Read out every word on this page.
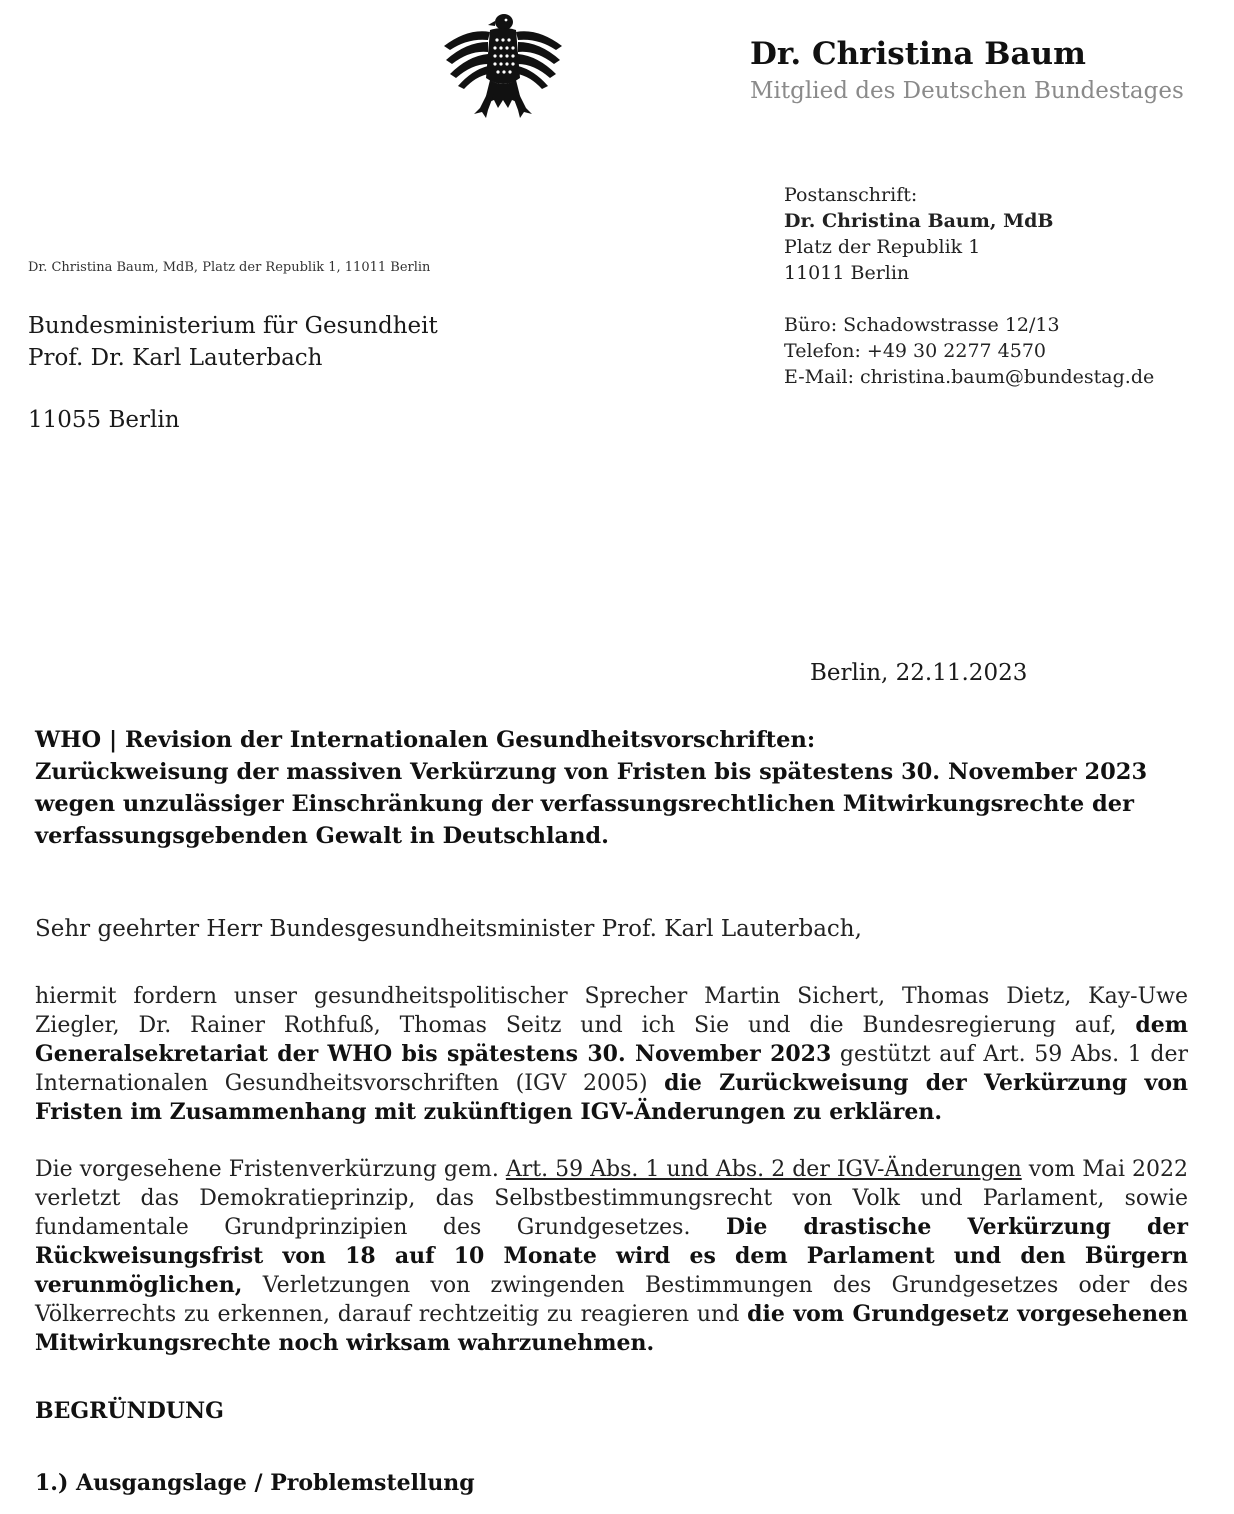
Dr. Christina Baum
Mitglied des Deutschen Bundestages
Postanschrift:
Dr. Christina Baum, MdB
Platz der Republik 1
11011 Berlin
Büro: Schadowstrasse 12/13
Telefon: +49 30 2277 4570
E-Mail: christina.baum@bundestag.de
Dr. Christina Baum, MdB, Platz der Republik 1, 11011 Berlin
Bundesministerium für Gesundheit
Prof. Dr. Karl Lauterbach
11055 Berlin
Berlin, 22.11.2023
WHO | Revision der Internationalen Gesundheitsvorschriften:
Zurückweisung der massiven Verkürzung von Fristen bis spätestens 30. November 2023
wegen unzulässiger Einschränkung der verfassungsrechtlichen Mitwirkungsrechte der
verfassungsgebenden Gewalt in Deutschland.
Sehr geehrter Herr Bundesgesundheitsminister Prof. Karl Lauterbach,
hiermit fordern unser gesundheitspolitischer Sprecher Martin Sichert, Thomas Dietz, Kay-Uwe Ziegler, Dr. Rainer Rothfuß, Thomas Seitz und ich Sie und die Bundesregierung auf, dem Generalsekretariat der WHO bis spätestens 30. November 2023 gestützt auf Art. 59 Abs. 1 der Internationalen Gesundheitsvorschriften (IGV 2005) die Zurückweisung der Verkürzung von Fristen im Zusammenhang mit zukünftigen IGV-Änderungen zu erklären.
Die vorgesehene Fristenverkürzung gem. Art. 59 Abs. 1 und Abs. 2 der IGV-Änderungen vom Mai 2022 verletzt das Demokratieprinzip, das Selbstbestimmungsrecht von Volk und Parlament, sowie fundamentale Grundprinzipien des Grundgesetzes. Die drastische Verkürzung der Rückweisungsfrist von 18 auf 10 Monate wird es dem Parlament und den Bürgern verunmöglichen, Verletzungen von zwingenden Bestimmungen des Grundgesetzes oder des Völkerrechts zu erkennen, darauf rechtzeitig zu reagieren und die vom Grundgesetz vorgesehenen Mitwirkungsrechte noch wirksam wahrzunehmen.
BEGRÜNDUNG
1.) Ausgangslage / Problemstellung
